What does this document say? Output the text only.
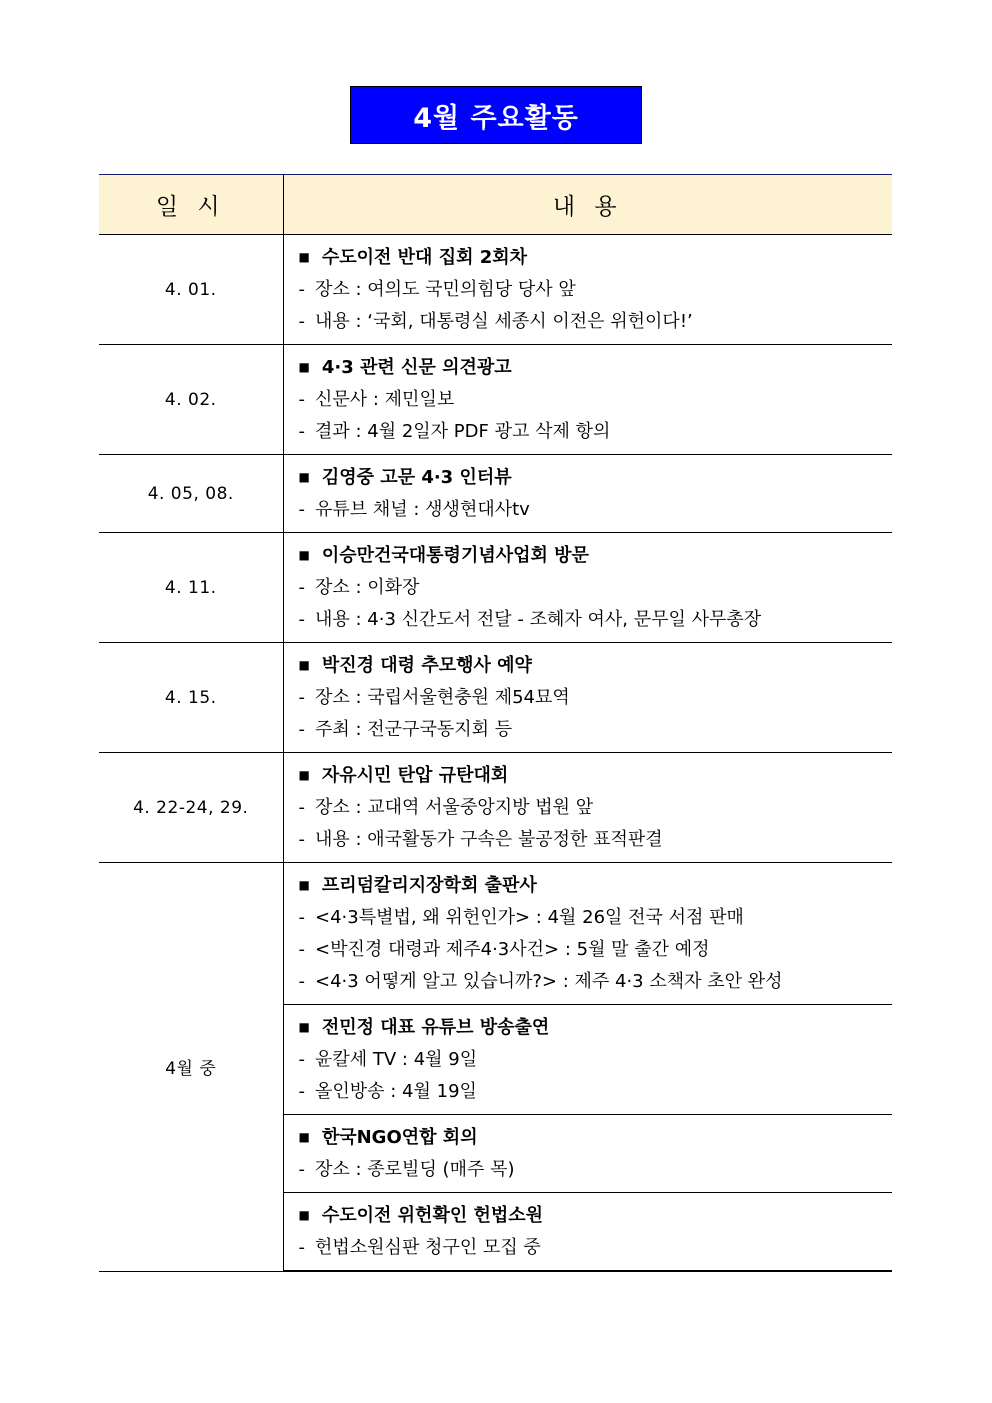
4월 주요활동
일 시	내 용
4. 01.	■ 수도이전 반대 집회 2회차
- 장소 : 여의도 국민의힘당 당사 앞
- 내용 : ‘국회, 대통령실 세종시 이전은 위헌이다!’

4. 02.	■ 4·3 관련 신문 의견광고
- 신문사 : 제민일보
- 결과 : 4월 2일자 PDF 광고 삭제 항의

4. 05, 08.	■ 김영중 고문 4·3 인터뷰
- 유튜브 채널 : 생생현대사tv

4. 11.	■ 이승만건국대통령기념사업회 방문
- 장소 : 이화장
- 내용 : 4·3 신간도서 전달 - 조혜자 여사, 문무일 사무총장

4. 15.	■ 박진경 대령 추모행사 예약
- 장소 : 국립서울현충원 제54묘역
- 주최 : 전군구국동지회 등

4. 22-24, 29.	■ 자유시민 탄압 규탄대회
- 장소 : 교대역 서울중앙지방 법원 앞
- 내용 : 애국활동가 구속은 불공정한 표적판결

4월 중	■ 프리덤칼리지장학회 출판사
- <4·3특별법, 왜 위헌인가> : 4월 26일 전국 서점 판매
- <박진경 대령과 제주4·3사건> : 5월 말 출간 예정
- <4·3 어떻게 알고 있습니까?> : 제주 4·3 소책자 초안 완성

	■ 전민정 대표 유튜브 방송출연
- 윤칼세 TV : 4월 9일
- 올인방송 : 4월 19일

	■ 한국NGO연합 회의
- 장소 : 종로빌딩 (매주 목)

	■ 수도이전 위헌확인 헌법소원
- 헌법소원심판 청구인 모집 중
